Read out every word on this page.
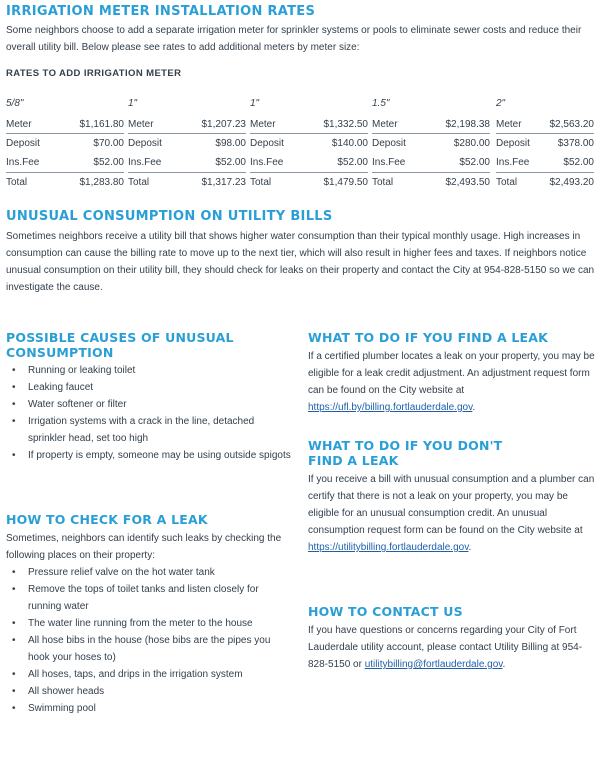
IRRIGATION METER INSTALLATION RATES
Some neighbors choose to add a separate irrigation meter for sprinkler systems or pools to eliminate sewer costs and reduce their overall utility bill. Below please see rates to add additional meters by meter size:
RATES TO ADD IRRIGATION METER
5/8"
Meter	$1,161.80
Deposit	$70.00
Ins.Fee	$52.00
Total	$1,283.80
1"
Meter	$1,207.23
Deposit	$98.00
Ins.Fee	$52.00
Total	$1,317.23
1"
Meter	$1,332.50
Deposit	$140.00
Ins.Fee	$52.00
Total	$1,479.50
1.5"
Meter	$2,198.38
Deposit	$280.00
Ins.Fee	$52.00
Total	$2,493.50
2"
Meter	$2,563.20
Deposit	$378.00
Ins.Fee	$52.00
Total	$2,493.20
UNUSUAL CONSUMPTION ON UTILITY BILLS
Sometimes neighbors receive a utility bill that shows higher water consumption than their typical monthly usage. High increases in consumption can cause the billing rate to move up to the next tier, which will also result in higher fees and taxes. If neighbors notice unusual consumption on their utility bill, they should check for leaks on their property and contact the City at 954-828-5150 so we can investigate the cause.
POSSIBLE CAUSES OF UNUSUAL
CONSUMPTION
• Running or leaking toilet
• Leaking faucet
• Water softener or filter
• Irrigation systems with a crack in the line, detached sprinkler head, set too high
• If property is empty, someone may be using outside spigots
HOW TO CHECK FOR A LEAK
Sometimes, neighbors can identify such leaks by checking the following places on their property:
• Pressure relief valve on the hot water tank
• Remove the tops of toilet tanks and listen closely for running water
• The water line running from the meter to the house
• All hose bibs in the house (hose bibs are the pipes you hook your hoses to)
• All hoses, taps, and drips in the irrigation system
• All shower heads
• Swimming pool
WHAT TO DO IF YOU FIND A LEAK
If a certified plumber locates a leak on your property, you may be eligible for a leak credit adjustment. An adjustment request form can be found on the City website at https://ufl.by/billing.fortlauderdale.gov.
WHAT TO DO IF YOU DON'T
FIND A LEAK
If you receive a bill with unusual consumption and a plumber can certify that there is not a leak on your property, you may be eligible for an unusual consumption credit. An unusual consumption request form can be found on the City website at https://utilitybilling.fortlauderdale.gov.
HOW TO CONTACT US
If you have questions or concerns regarding your City of Fort Lauderdale utility account, please contact Utility Billing at 954-828-5150 or utilitybilling@fortlauderdale.gov.
